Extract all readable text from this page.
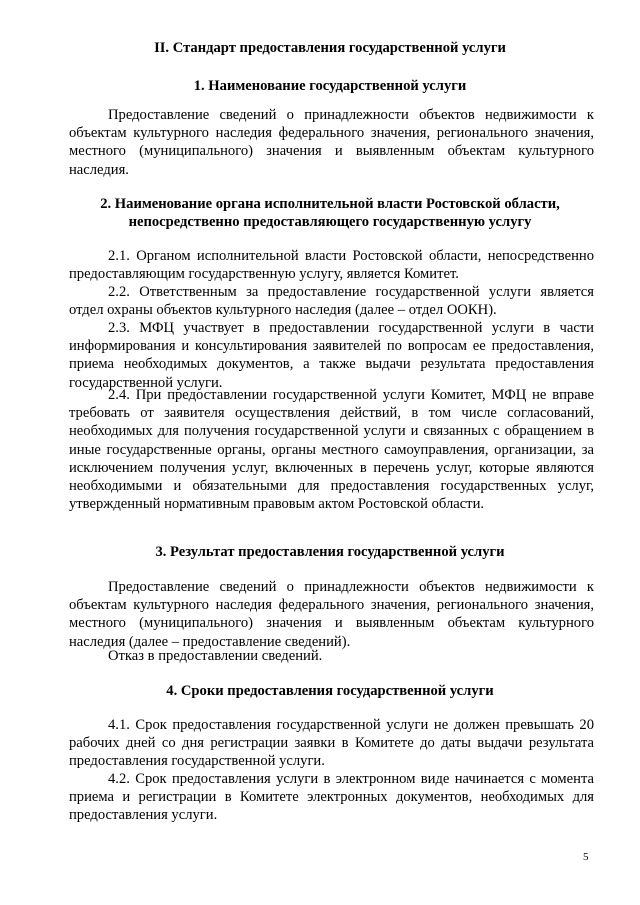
II. Стандарт предоставления государственной услуги
1. Наименование государственной услуги
Предоставление сведений о принадлежности объектов недвижимости к объектам культурного наследия федерального значения, регионального значения, местного (муниципального) значения и выявленным объектам культурного наследия.
2. Наименование органа исполнительной власти Ростовской области,
непосредственно предоставляющего государственную услугу
2.1. Органом исполнительной власти Ростовской области, непосредственно предоставляющим государственную услугу, является Комитет.
2.2. Ответственным за предоставление государственной услуги является отдел охраны объектов культурного наследия (далее – отдел ООКН).
2.3. МФЦ участвует в предоставлении государственной услуги в части информирования и консультирования заявителей по вопросам ее предоставления, приема необходимых документов, а также выдачи результата предоставления государственной услуги.
2.4. При предоставлении государственной услуги Комитет, МФЦ не вправе требовать от заявителя осуществления действий, в том числе согласований, необходимых для получения государственной услуги и связанных с обращением в иные государственные органы, органы местного самоуправления, организации, за исключением получения услуг, включенных в перечень услуг, которые являются необходимыми и обязательными для предоставления государственных услуг, утвержденный нормативным правовым актом Ростовской области.
3. Результат предоставления государственной услуги
Предоставление сведений о принадлежности объектов недвижимости к объектам культурного наследия федерального значения, регионального значения, местного (муниципального) значения и выявленным объектам культурного наследия (далее – предоставление сведений).
Отказ в предоставлении сведений.
4. Сроки предоставления государственной услуги
4.1. Срок предоставления государственной услуги не должен превышать 20 рабочих дней со дня регистрации заявки в Комитете до даты выдачи результата предоставления государственной услуги.
4.2. Срок предоставления услуги в электронном виде начинается с момента приема и регистрации в Комитете электронных документов, необходимых для предоставления услуги.
5
